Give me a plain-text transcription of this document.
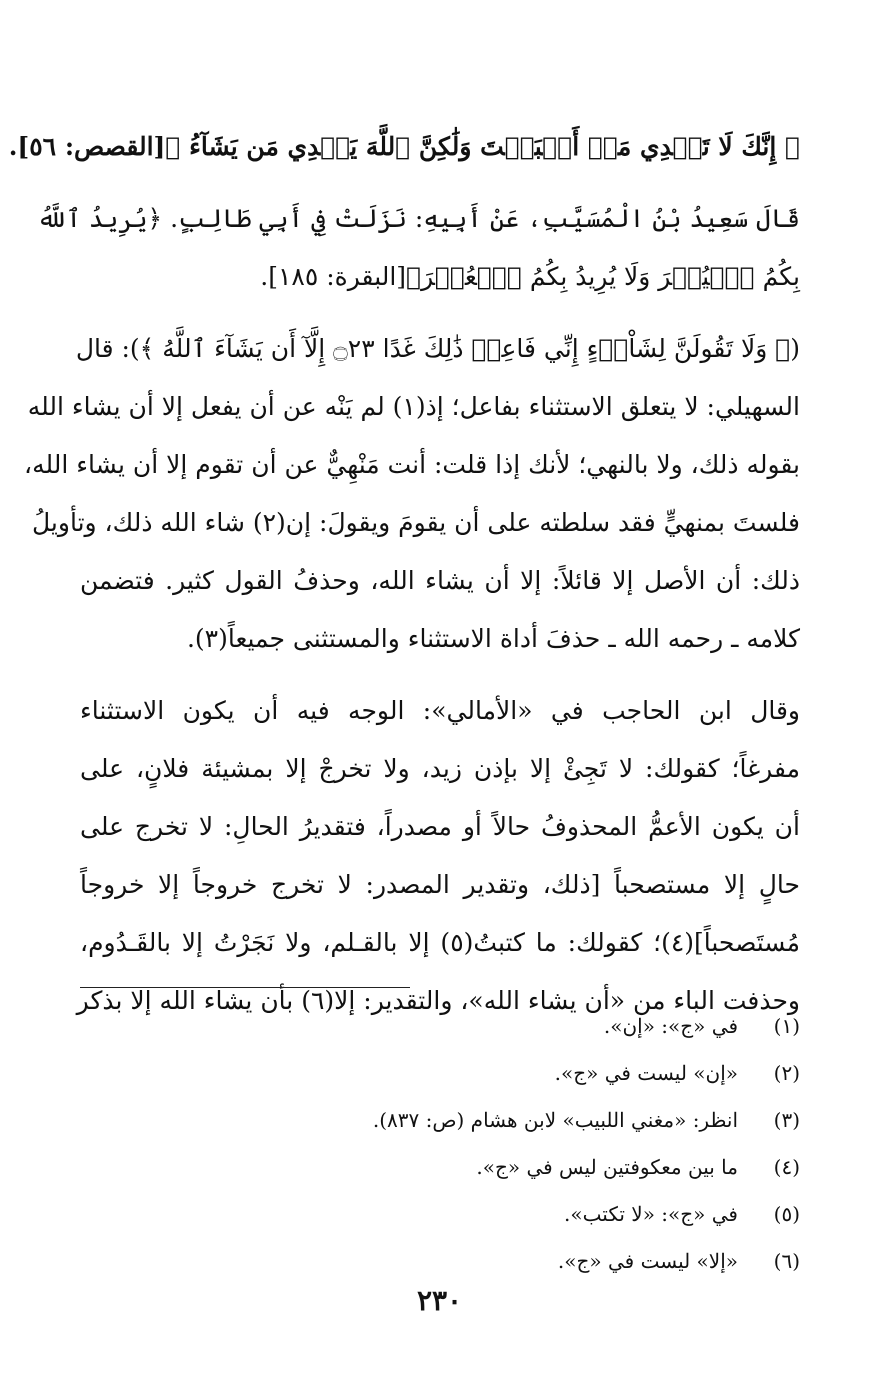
﴿ إِنَّكَ لَا تَهۡدِي مَنۡ أَحۡبَبۡتَ وَلَٰكِنَّ ٱللَّهَ يَهۡدِي مَن يَشَآءُ ﴾[القصص: ٥٦].
قَالَ سَعِيدُ بْنُ الْمُسَيَّبِ، عَنْ أَبِيهِ: نَزَلَتْ فِي أَبِي طَالِبٍ. ﴿يُرِيدُ ٱللَّهُ
بِكُمُ ٱلۡيُسۡرَ وَلَا يُرِيدُ بِكُمُ ٱلۡعُسۡرَ﴾[البقرة: ١٨٥].
(﴿ وَلَا تَقُولَنَّ لِشَاْيۡءٍ إِنِّي فَاعِلٞ ذَٰلِكَ غَدًا ۝٢٣ إِلَّآ أَن يَشَآءَ ٱللَّهُ ﴾): قال
السهيلي: لا يتعلق الاستثناء بفاعل؛ إذ(١) لم يَنْه عن أن يفعل إلا أن يشاء الله
بقوله ذلك، ولا بالنهي؛ لأنك إذا قلت: أنت مَنْهِيٌّ عن أن تقوم إلا أن يشاء الله،
فلستَ بمنهيٍّ فقد سلطته على أن يقومَ ويقولَ: إن(٢) شاء الله ذلك، وتأويلُ
ذلك: أن الأصل إلا قائلاً: إلا أن يشاء الله، وحذفُ القول كثير. فتضمن
كلامه ـ رحمه الله ـ حذفَ أداة الاستثناء والمستثنى جميعاً(٣).
وقال ابن الحاجب في «الأمالي»: الوجه فيه أن يكون الاستثناء
مفرغاً؛ كقولك: لا تَجِئْ إلا بإذن زيد، ولا تخرجْ إلا بمشيئة فلانٍ، على
أن يكون الأعمُّ المحذوفُ حالاً أو مصدراً، فتقديرُ الحالِ: لا تخرج على
حالٍ إلا مستصحباً [ذلك، وتقدير المصدر: لا تخرج خروجاً إلا خروجاً
مُستَصحباً](٤)؛ كقولك: ما كتبتُ(٥) إلا بالقـلم، ولا نَجَرْتُ إلا بالقَـدُوم،
وحذفت الباء من «أن يشاء الله»، والتقدير: إلا(٦) بأن يشاء الله إلا بذكر
(١)
في «ج»: «إن».
(٢)
«إن» ليست في «ج».
(٣)
انظر: «مغني اللبيب» لابن هشام (ص: ٨٣٧).
(٤)
ما بين معكوفتين ليس في «ج».
(٥)
في «ج»: «لا تكتب».
(٦)
«إلا» ليست في «ج».
٢٣٠
